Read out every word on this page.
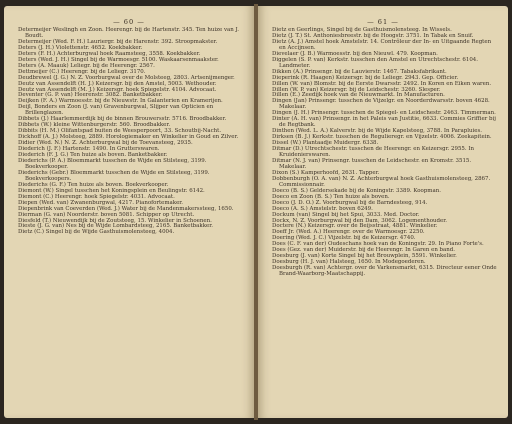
— 60 —
Determeijer Weslingh en Zoon. Heerengr. bij de Hartenstr. 345. Ten huize van J. Boudt.
Determeijer (Wed. F. H.) Lauriergr. bij de Harenstr. 392. Stroopmakster.
Deters (J. H.) Violettenstr. 4652. Koekbakker.
Deters (F. H.) Achterburgwal hoek Raamsteeg, 3558. Koekbakker.
Deters (Wed. J. H.) Singel bij de Warmoesgr. 5100. Waskaarsenmaakster.
Deters (A. Maauk) Leliegr. bij de Heerengr. 2567.
Dettmeijer (C.) Heerengr. bij de Leliegr. 3170.
Deudbrewel (J. G.) N. Z. Voorburgwal over de Molsteeg, 2803. Artsenijmenger.
Deutz van Assendelft (H. J.) Keizersgr. bij den Amstel, 5003. Wethouder.
Deutz van Assendelft (M. J.) Keizersgr. hoek Spiegelstr. 4104. Advocaat.
Deventer (G. P. van) Heerenstr. 3082. Banketbakker.
Deijken (F. A.) Warmoesstr. bij de Nieuwstr. In Galanterien en Kramerijen.
Deijl, Bonders en Zoon (J. van) Gravenburgwal, Slijper van Opticien en Brillenglazen.
Dibbets (J.) Haarlemmerdijk bij de binnen Brouwersstr. 5716. Broodbakker.
Dibbets (W.) kleine Wittenburgerstr. 560. Broodbakker.
Dibbits (H. M.) Olifantspad buiten de Weesperpoort, 33. Schoutbij-Nacht.
Dickhoff (A. J.) Molsteeg, 2889. Horologiemaker en Winkelier in Goud en Zilver.
Didier (Wed. N.) N. Z. Achterburgwal bij de Toevansteeg, 2935.
Diederich (J. F.) Hartenstr. 1490. In Grutterswaren.
Diederich (F. J. G.) Ten huize als boven. Banketbakker.
Diederichs (P. A.) Bloemmarkt tusschen de Wijde en Stilsteeg, 3199. Boekverkooper.
Diederichs (Gebr.) Bloemmarkt tusschen de Wijde en Stilsteeg, 3199. Boekverkoopers.
Diederichs (G. F.) Ten huize als boven. Boekverkooper.
Diemont (W.) Singel tusschen het Koningsplein en Beulingstr. 6142.
Diemont (C.) Heerengr. hoek Spiegelstr. 4031. Advocaat.
Diepen (Wed. van) Zwanenburgwal, 4217. Pianofortemaker.
Diepenbrink van Coeverden (Wed. J.) Water bij de Mandenmakerssteeg, 1650.
Dierman (G. van) Noorderstr. boven 5081. Schipper op Utrecht.
Diesfeld (T.) Nieuwendijk bij de Zoutsteeg, 15. Winkelier in Schoenen.
Dieste (J. G. van) Nes bij de Wijde Lombardsteeg, 2165. Banketbakker.
Dietz (C.) Singel bij de Wijde Gasthuismolensteeg, 4004.
— 61 —
Dietz en Geerlings, Singel bij de Gasthuismolensteeg. In Wissels.
Dietz (J. T.) St. Anthoniesbreestr. bij de Hoogstr. 3751. In Tabak en Snuif.
Dietz (A. J.) Amstel hoek Amstelstr. 14. Contrôleur der In- en Uitgaande Regten en Accijnsen.
Dievelaer (J. B.) Warmoesstr. bij den Nieuwl. 479. Koopman.
Diggelen (S. P. van) Kerkstr. tusschen den Amstel en Utrechtschestr. 6104. Landmeter.
Dikken (A.) Prinsengr. bij de Lauvierstr. 1467. Tabaksfabrikant.
Dieperink (R. Haagen) Keizersgr. bij de Leliegr. 2943. Gep. Officier.
Dillen (W. van) Blomstr. bij de Eerste Dwarsstr. 2492. In Koren en Eiken waren.
Dillen (W. P. van) Keizersgr. bij de Leidschestr. 3260. Slesper.
Dillen (E.) Zeedijk hoek van de Nieuwmarkt. In Manufacturen.
Dingen (Jan) Prinsengr. tusschen de Vijzelgr. en Noorderdwarsstr. boven 4628. Makelaar.
Dingen (J. H.) Prinsengr. tusschen de Spiegel- en Leidschestr. 2463. Timmerman.
Dinter (A. H. van) Prinsengr. in het Paleis van Justitie, 6633. Commies Griffier bij de Regtbank.
Dinthen (Wed. L. A.) Kalverstr. bij de Wijde Kapelsteeg, 3788. In Parapluies.
Dirksen (B. J.) Kerkstr. tusschen de Regulieregr. en Vijzelstr. 4006. Zeekapitein.
Dissel (W.) Plantaadje Muidergr. 6338.
Ditmar (D.) Utrechtschestr. tusschen de Heerengr. en Keizersgr. 2955. In Kruidenierswaren.
Ditmar (N. J. van) Prinsengr. tusschen de Leidschestr. en Kromstr. 3515. Makelaar.
Dixon (S.) Kamperhoofd, 2631. Tapper.
Dobbenburgh (O. A. van) N. Z. Achterburgwal hoek Gasthuismolensteeg, 2867. Commissionnair.
Doeco (B. S.) Geldersekade bij de Koningstr. 3389. Koopman.
Doeco en Zoon (B. S.) Ten huize als boven.
Doeco (J. D. O.) Z. Voorburgwal bij de Barndesteeg, 914.
Doeco (A. S.) Amstelstr. boven 6249.
Dockum (van) Singel bij het Spui, 3033. Med. Doctor.
Dockx, N. Z. Voorburgwal bij den Dam, 3062. Logementhouder.
Doctere (N.) Keizersgr. over de Beijsstraat, 4881. Winkelier.
Doeff Jr. (Wed. A.) Heerengr. over de Warmoesgr. 2250.
Doering (Wed. J. C.) Vijzelstr. bij de Keizersgr. 4740.
Does (C. F. van der) Oudeschans hoek van de Koningstr. 29. In Piano Forte's.
Does (Gez. van der) Muiderstr. bij de Heerengr. In Garen en band.
Doesburg (J. van) Korte Singel bij het Brouwplein, 5591. Winkelier.
Doesburg (H. J. van) Halsteeg, 1650. In Modegoederen.
Doesburgh (R. van) Achtergr. over de Varkensmarkt, 6315. Directeur eener Onde Brand-Waarborg-Maatschappij.
